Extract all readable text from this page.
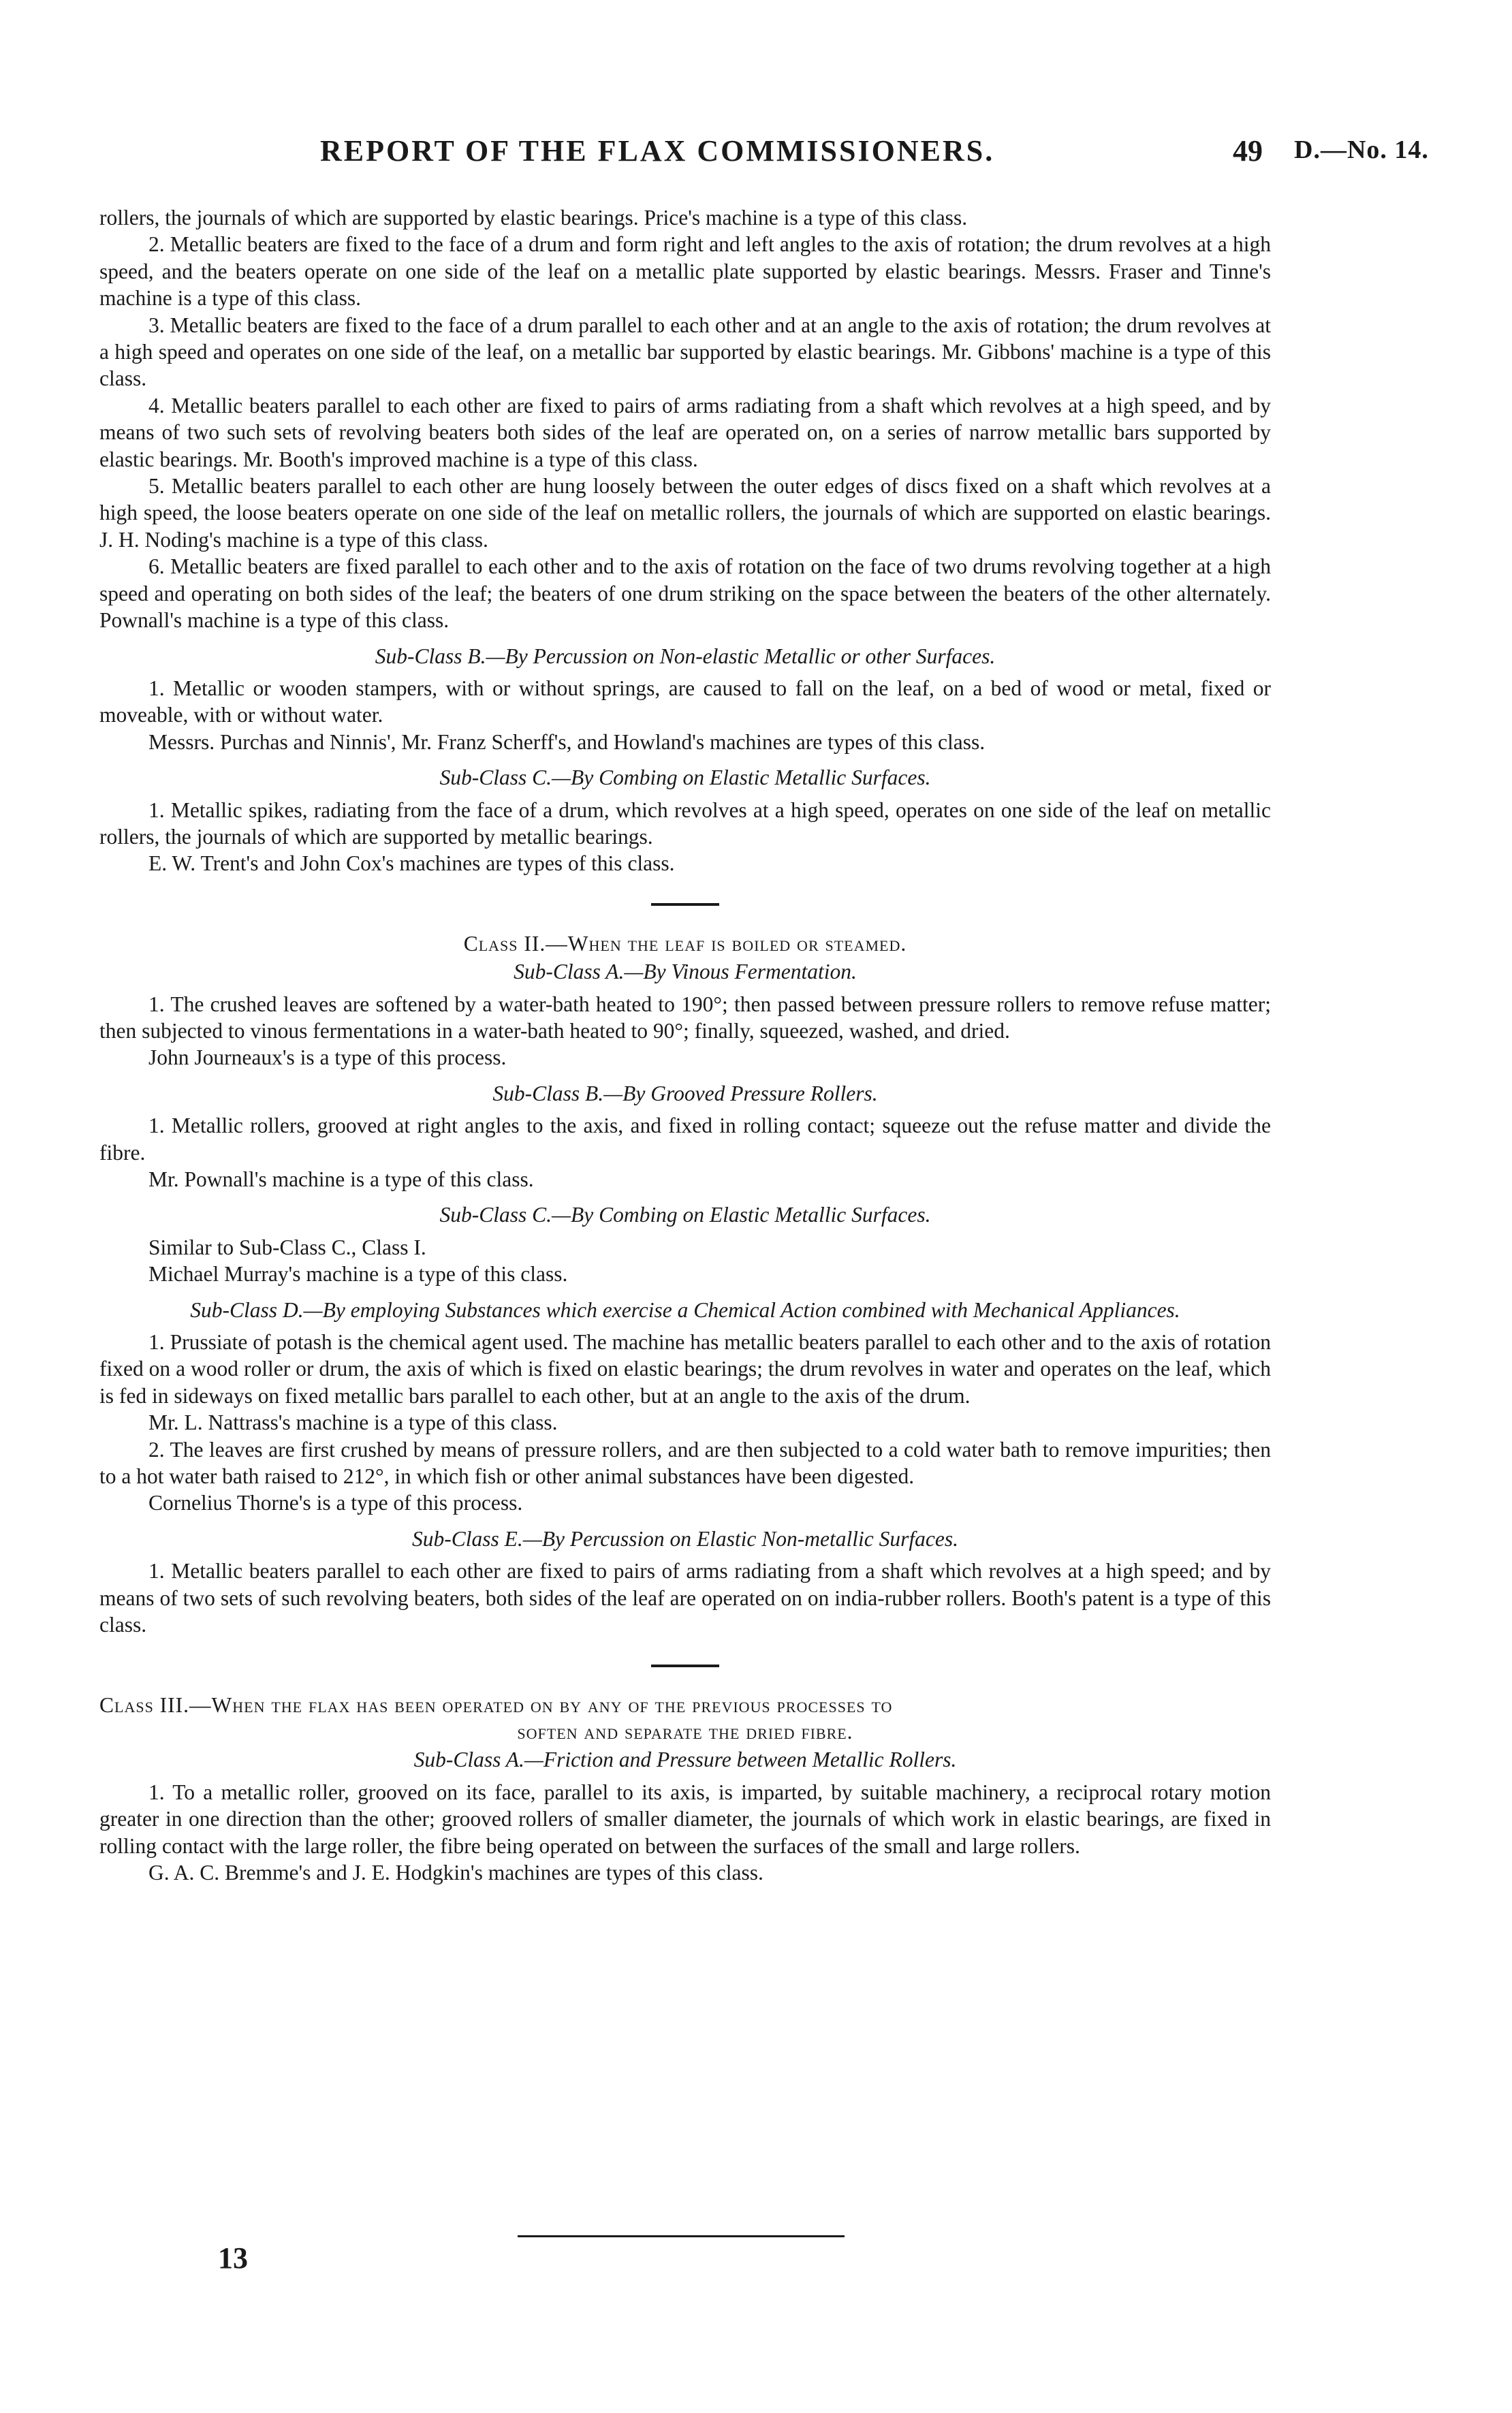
REPORT OF THE FLAX COMMISSIONERS.	49 D.—No. 14.

rollers, the journals of which are supported by elastic bearings. Price's machine is a type of this class.

2. Metallic beaters are fixed to the face of a drum and form right and left angles to the axis of rotation; the drum revolves at a high speed, and the beaters operate on one side of the leaf on a metallic plate supported by elastic bearings. Messrs. Fraser and Tinne's machine is a type of this class.

3. Metallic beaters are fixed to the face of a drum parallel to each other and at an angle to the axis of rotation; the drum revolves at a high speed and operates on one side of the leaf, on a metallic bar supported by elastic bearings. Mr. Gibbons' machine is a type of this class.

4. Metallic beaters parallel to each other are fixed to pairs of arms radiating from a shaft which revolves at a high speed, and by means of two such sets of revolving beaters both sides of the leaf are operated on, on a series of narrow metallic bars supported by elastic bearings. Mr. Booth's improved machine is a type of this class.

5. Metallic beaters parallel to each other are hung loosely between the outer edges of discs fixed on a shaft which revolves at a high speed, the loose beaters operate on one side of the leaf on metallic rollers, the journals of which are supported on elastic bearings. J. H. Noding's machine is a type of this class.

6. Metallic beaters are fixed parallel to each other and to the axis of rotation on the face of two drums revolving together at a high speed and operating on both sides of the leaf; the beaters of one drum striking on the space between the beaters of the other alternately. Pownall's machine is a type of this class.

Sub-Class B.—By Percussion on Non-elastic Metallic or other Surfaces.

1. Metallic or wooden stampers, with or without springs, are caused to fall on the leaf, on a bed of wood or metal, fixed or moveable, with or without water.

Messrs. Purchas and Ninnis', Mr. Franz Scherff's, and Howland's machines are types of this class.

Sub-Class C.—By Combing on Elastic Metallic Surfaces.

1. Metallic spikes, radiating from the face of a drum, which revolves at a high speed, operates on one side of the leaf on metallic rollers, the journals of which are supported by metallic bearings.

E. W. Trent's and John Cox's machines are types of this class.

Class II.—When the leaf is boiled or steamed.

Sub-Class A.—By Vinous Fermentation.

1. The crushed leaves are softened by a water-bath heated to 190°; then passed between pressure rollers to remove refuse matter; then subjected to vinous fermentations in a water-bath heated to 90°; finally, squeezed, washed, and dried.

John Journeaux's is a type of this process.

Sub-Class B.—By Grooved Pressure Rollers.

1. Metallic rollers, grooved at right angles to the axis, and fixed in rolling contact; squeeze out the refuse matter and divide the fibre.

Mr. Pownall's machine is a type of this class.

Sub-Class C.—By Combing on Elastic Metallic Surfaces.

Similar to Sub-Class C., Class I.

Michael Murray's machine is a type of this class.

Sub-Class D.—By employing Substances which exercise a Chemical Action combined with Mechanical Appliances.

1. Prussiate of potash is the chemical agent used. The machine has metallic beaters parallel to each other and to the axis of rotation fixed on a wood roller or drum, the axis of which is fixed on elastic bearings; the drum revolves in water and operates on the leaf, which is fed in sideways on fixed metallic bars parallel to each other, but at an angle to the axis of the drum.

Mr. L. Nattrass's machine is a type of this class.

2. The leaves are first crushed by means of pressure rollers, and are then subjected to a cold water bath to remove impurities; then to a hot water bath raised to 212°, in which fish or other animal substances have been digested.

Cornelius Thorne's is a type of this process.

Sub-Class E.—By Percussion on Elastic Non-metallic Surfaces.

1. Metallic beaters parallel to each other are fixed to pairs of arms radiating from a shaft which revolves at a high speed; and by means of two sets of such revolving beaters, both sides of the leaf are operated on on india-rubber rollers. Booth's patent is a type of this class.

Class III.—When the flax has been operated on by any of the previous processes to

soften and separate the dried fibre.

Sub-Class A.—Friction and Pressure between Metallic Rollers.

1. To a metallic roller, grooved on its face, parallel to its axis, is imparted, by suitable machinery, a reciprocal rotary motion greater in one direction than the other; grooved rollers of smaller diameter, the journals of which work in elastic bearings, are fixed in rolling contact with the large roller, the fibre being operated on between the surfaces of the small and large rollers.

G. A. C. Bremme's and J. E. Hodgkin's machines are types of this class.

13
